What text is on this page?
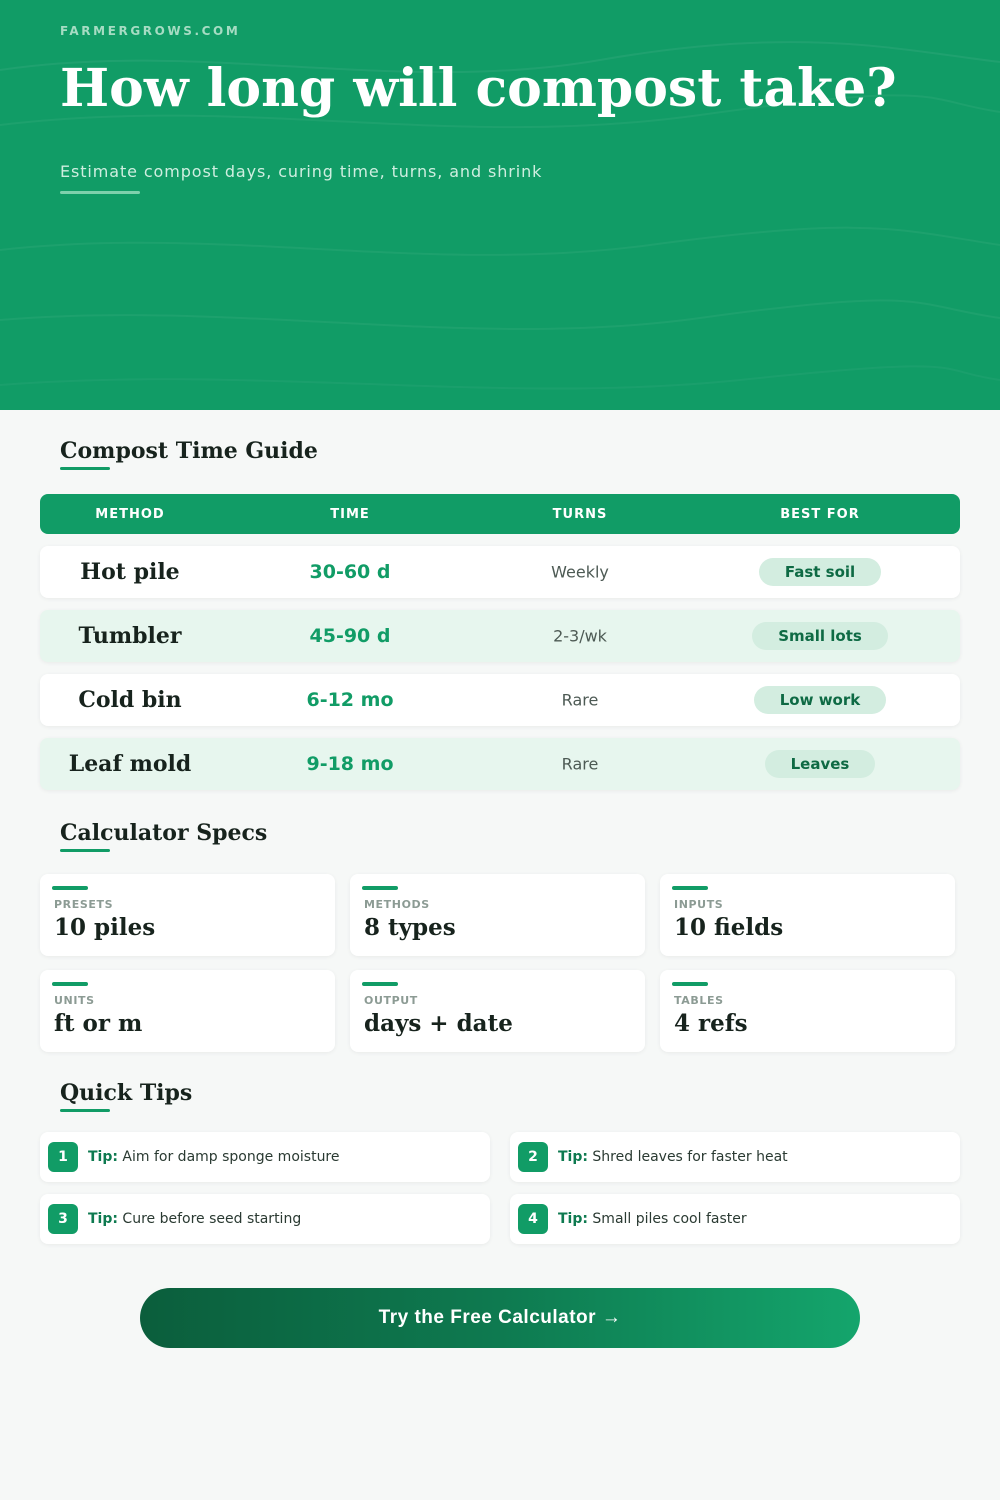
FARMERGROWS.COM
How long will compost take?

Estimate compost days, curing time, turns, and shrink

Compost Time Guide
METHOD	TIME	TURNS	BEST FOR
Hot pile	30-60 d	Weekly	Fast soil
Tumbler	45-90 d	2-3/wk	Small lots
Cold bin	6-12 mo	Rare	Low work
Leaf mold	9-18 mo	Rare	Leaves
Calculator Specs
PRESETS
10 piles
METHODS
8 types
INPUTS
10 fields
UNITS
ft or m
OUTPUT
days + date
TABLES
4 refs
Quick Tips
1	Tip: Aim for damp sponge moisture	2	Tip: Shred leaves for faster heat
3	Tip: Cure before seed starting	4	Tip: Small piles cool faster
Try the Free Calculator →
